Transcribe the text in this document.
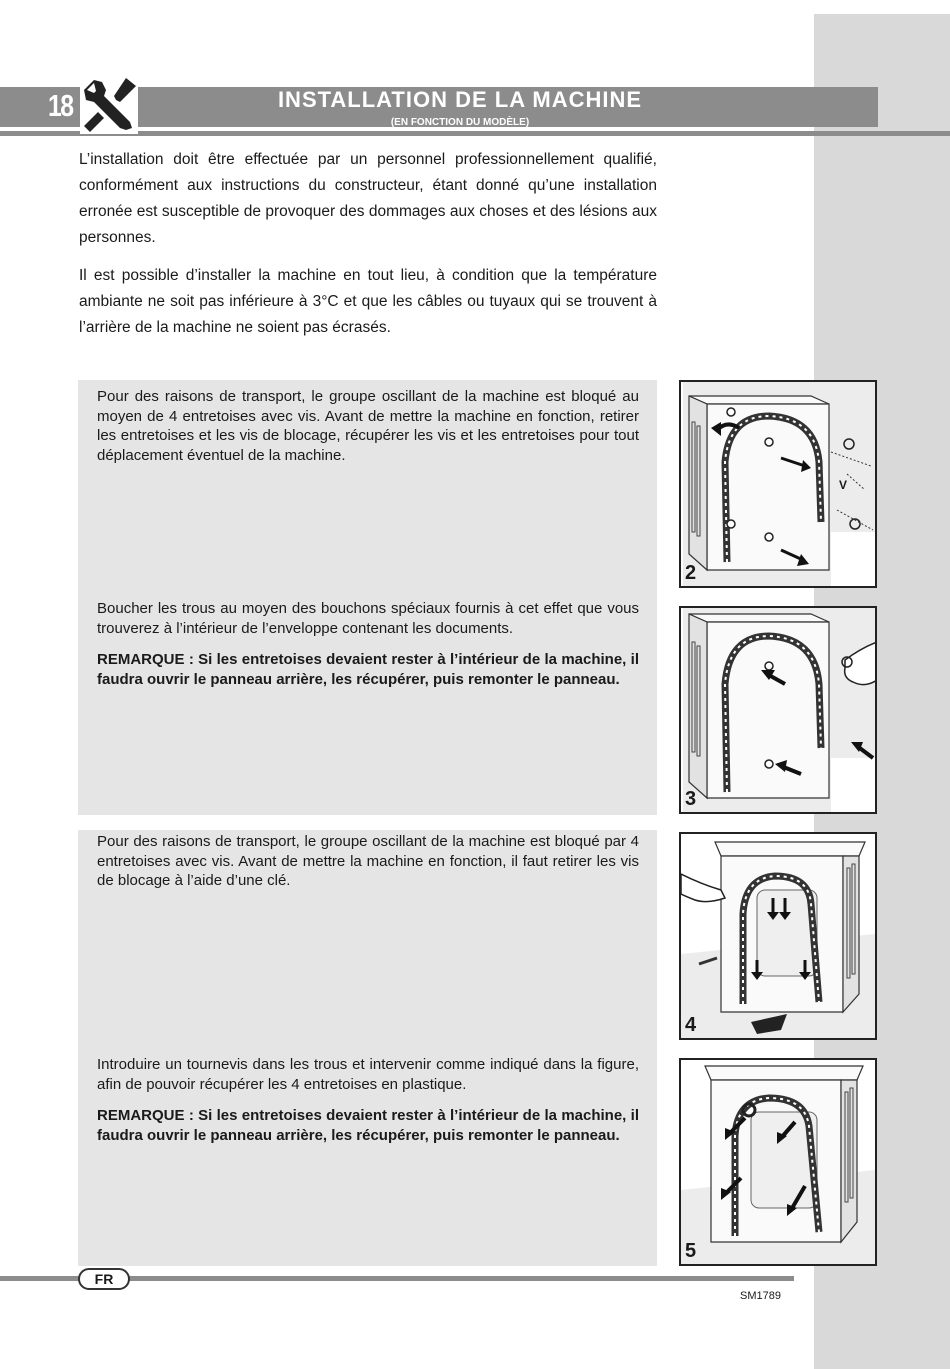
18	INSTALLATION DE LA MACHINE
(EN FONCTION DU MODÈLE)

L’installation doit être effectuée par un personnel professionnellement qualifié, conformément aux instructions du constructeur, étant donné qu’une installation erronée est susceptible de provoquer des dommages aux choses et des lésions aux personnes.

Il est possible d’installer la machine en tout lieu, à condition que la température ambiante ne soit pas inférieure à 3°C et que les câbles ou tuyaux qui se trouvent à l’arrière de la machine ne soient pas écrasés.

Pour des raisons de transport, le groupe oscillant de la machine est bloqué au moyen de 4 entretoises avec vis. Avant de mettre la machine en fonction, retirer les entretoises et les vis de blocage, récupérer les vis et les entretoises pour tout déplacement éventuel de la machine.

Boucher les trous au moyen des bouchons spéciaux fournis à cet effet que vous trouverez à l’intérieur de l’enveloppe contenant les documents.

REMARQUE : Si les entretoises devaient rester à l’intérieur de la machine, il faudra ouvrir le panneau arrière, les récupérer, puis remonter le panneau.

Pour des raisons de transport, le groupe oscillant de la machine est bloqué par 4 entretoises avec vis. Avant de mettre la machine en fonction, il faut retirer les vis de blocage à l’aide d’une clé.

Introduire un tournevis dans les trous et intervenir comme indiqué dans la figure, afin de pouvoir récupérer les 4 entretoises en plastique.

REMARQUE : Si les entretoises devaient rester à l’intérieur de la machine, il faudra ouvrir le panneau arrière, les récupérer, puis remonter le panneau.

2
V
3
4
5
FR
SM1789
